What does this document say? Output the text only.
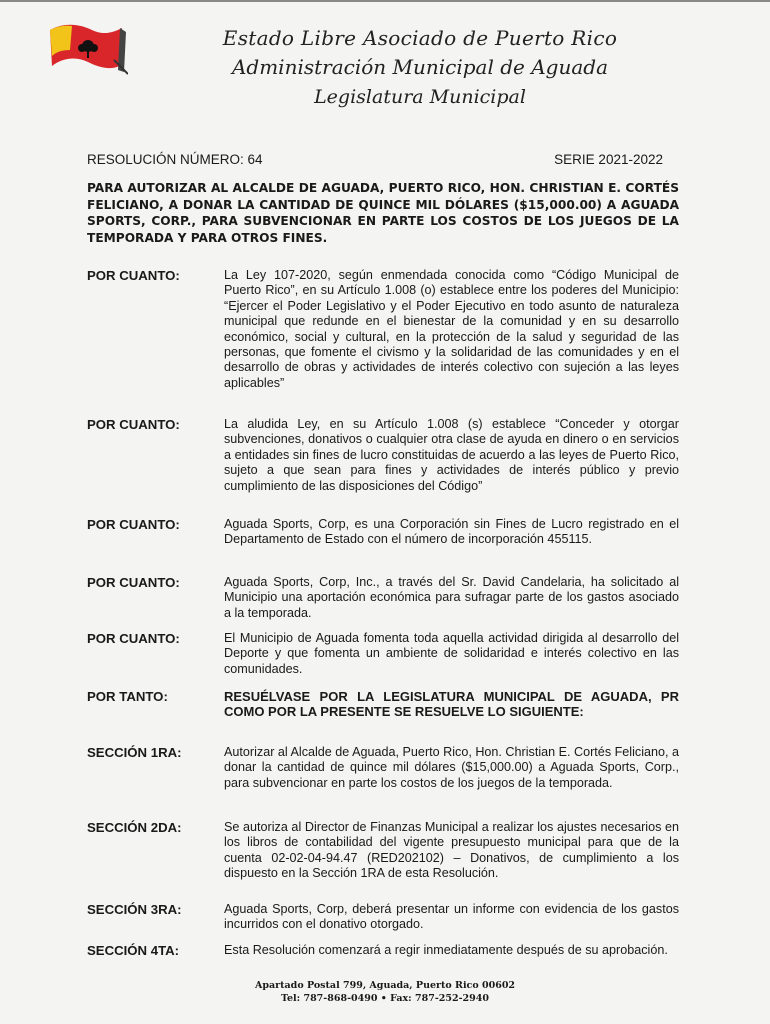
Estado Libre Asociado de Puerto Rico
Administración Municipal de Aguada
Legislatura Municipal
RESOLUCIÓN NÚMERO: 64	SERIE 2021-2022
PARA AUTORIZAR AL ALCALDE DE AGUADA, PUERTO RICO, HON. CHRISTIAN E. CORTÉS FELICIANO, A DONAR LA CANTIDAD DE QUINCE MIL DÓLARES ($15,000.00) A AGUADA SPORTS, CORP., PARA SUBVENCIONAR EN PARTE LOS COSTOS DE LOS JUEGOS DE LA TEMPORADA Y PARA OTROS FINES.
POR CUANTO:	La Ley 107-2020, según enmendada conocida como “Código Municipal de Puerto Rico”, en su Artículo 1.008 (o) establece entre los poderes del Municipio: “Ejercer el Poder Legislativo y el Poder Ejecutivo en todo asunto de naturaleza municipal que redunde en el bienestar de la comunidad y en su desarrollo económico, social y cultural, en la protección de la salud y seguridad de las personas, que fomente el civismo y la solidaridad de las comunidades y en el desarrollo de obras y actividades de interés colectivo con sujeción a las leyes aplicables”
POR CUANTO:	La aludida Ley, en su Artículo 1.008 (s) establece “Conceder y otorgar subvenciones, donativos o cualquier otra clase de ayuda en dinero o en servicios a entidades sin fines de lucro constituidas de acuerdo a las leyes de Puerto Rico, sujeto a que sean para fines y actividades de interés público y previo cumplimiento de las disposiciones del Código”
POR CUANTO:	Aguada Sports, Corp, es una Corporación sin Fines de Lucro registrado en el Departamento de Estado con el número de incorporación 455115.
POR CUANTO:	Aguada Sports, Corp, Inc., a través del Sr. David Candelaria, ha solicitado al Municipio una aportación económica para sufragar parte de los gastos asociado a la temporada.
POR CUANTO:	El Municipio de Aguada fomenta toda aquella actividad dirigida al desarrollo del Deporte y que fomenta un ambiente de solidaridad e interés colectivo en las comunidades.
POR TANTO:	RESUÉLVASE POR LA LEGISLATURA MUNICIPAL DE AGUADA, PR COMO POR LA PRESENTE SE RESUELVE LO SIGUIENTE:
SECCIÓN 1RA:	Autorizar al Alcalde de Aguada, Puerto Rico, Hon. Christian E. Cortés Feliciano, a donar la cantidad de quince mil dólares ($15,000.00) a Aguada Sports, Corp., para subvencionar en parte los costos de los juegos de la temporada.
SECCIÓN 2DA:	Se autoriza al Director de Finanzas Municipal a realizar los ajustes necesarios en los libros de contabilidad del vigente presupuesto municipal para que de la cuenta 02-02-04-94.47 (RED202102) – Donativos, de cumplimiento a los dispuesto en la Sección 1RA de esta Resolución.
SECCIÓN 3RA:	Aguada Sports, Corp, deberá presentar un informe con evidencia de los gastos incurridos con el donativo otorgado.
SECCIÓN 4TA:	Esta Resolución comenzará a regir inmediatamente después de su aprobación.
Apartado Postal 799, Aguada, Puerto Rico 00602
Tel: 787-868-0490 • Fax: 787-252-2940
